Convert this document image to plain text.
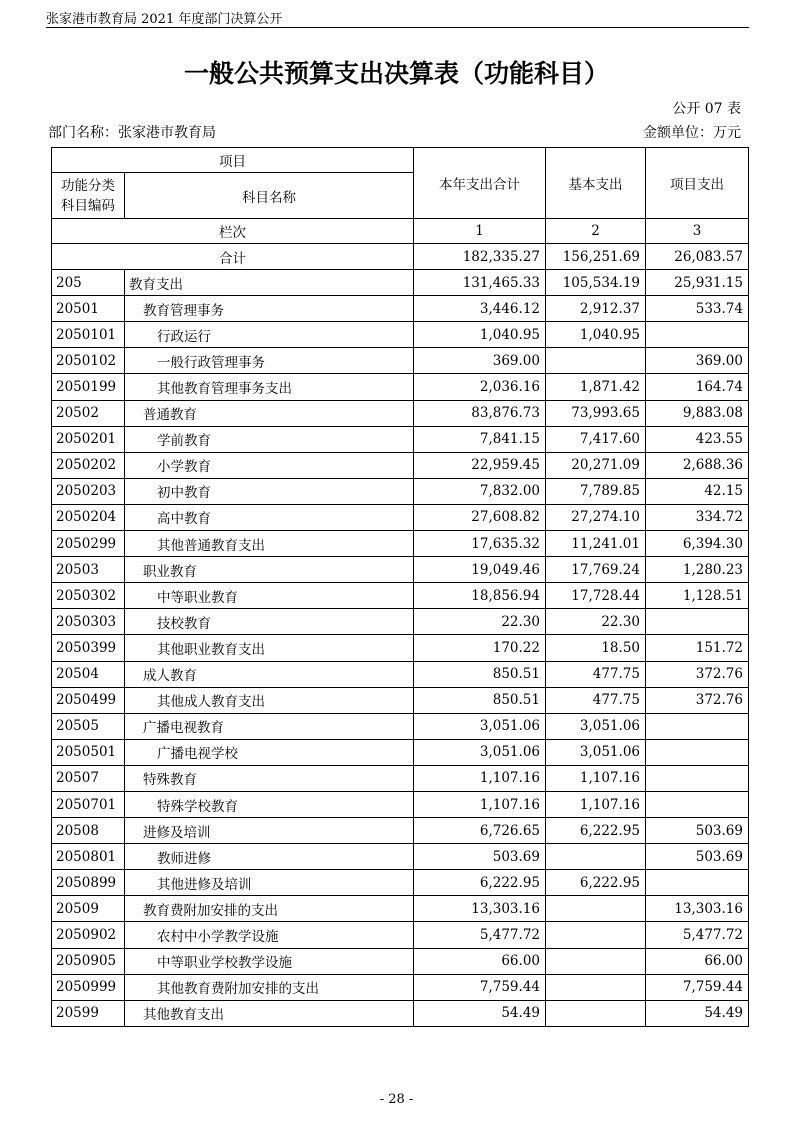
张家港市教育局 2021 年度部门决算公开
一般公共预算支出决算表（功能科目）
公开 07 表
部门名称：张家港市教育局	金额单位：万元
项目		本年支出合计	基本支出	项目支出
功能分类科目编码	科目名称			
栏次		1	2	3
合计		182,335.27	156,251.69	26,083.57
205	教育支出	131,465.33	105,534.19	25,931.15
20501	教育管理事务	3,446.12	2,912.37	533.74
2050101	行政运行	1,040.95	1,040.95	
2050102	一般行政管理事务	369.00		369.00
2050199	其他教育管理事务支出	2,036.16	1,871.42	164.74
20502	普通教育	83,876.73	73,993.65	9,883.08
2050201	学前教育	7,841.15	7,417.60	423.55
2050202	小学教育	22,959.45	20,271.09	2,688.36
2050203	初中教育	7,832.00	7,789.85	42.15
2050204	高中教育	27,608.82	27,274.10	334.72
2050299	其他普通教育支出	17,635.32	11,241.01	6,394.30
20503	职业教育	19,049.46	17,769.24	1,280.23
2050302	中等职业教育	18,856.94	17,728.44	1,128.51
2050303	技校教育	22.30	22.30	
2050399	其他职业教育支出	170.22	18.50	151.72
20504	成人教育	850.51	477.75	372.76
2050499	其他成人教育支出	850.51	477.75	372.76
20505	广播电视教育	3,051.06	3,051.06	
2050501	广播电视学校	3,051.06	3,051.06	
20507	特殊教育	1,107.16	1,107.16	
2050701	特殊学校教育	1,107.16	1,107.16	
20508	进修及培训	6,726.65	6,222.95	503.69
2050801	教师进修	503.69		503.69
2050899	其他进修及培训	6,222.95	6,222.95	
20509	教育费附加安排的支出	13,303.16		13,303.16
2050902	农村中小学教学设施	5,477.72		5,477.72
2050905	中等职业学校教学设施	66.00		66.00
2050999	其他教育费附加安排的支出	7,759.44		7,759.44
20599	其他教育支出	54.49		54.49
- 28 -
